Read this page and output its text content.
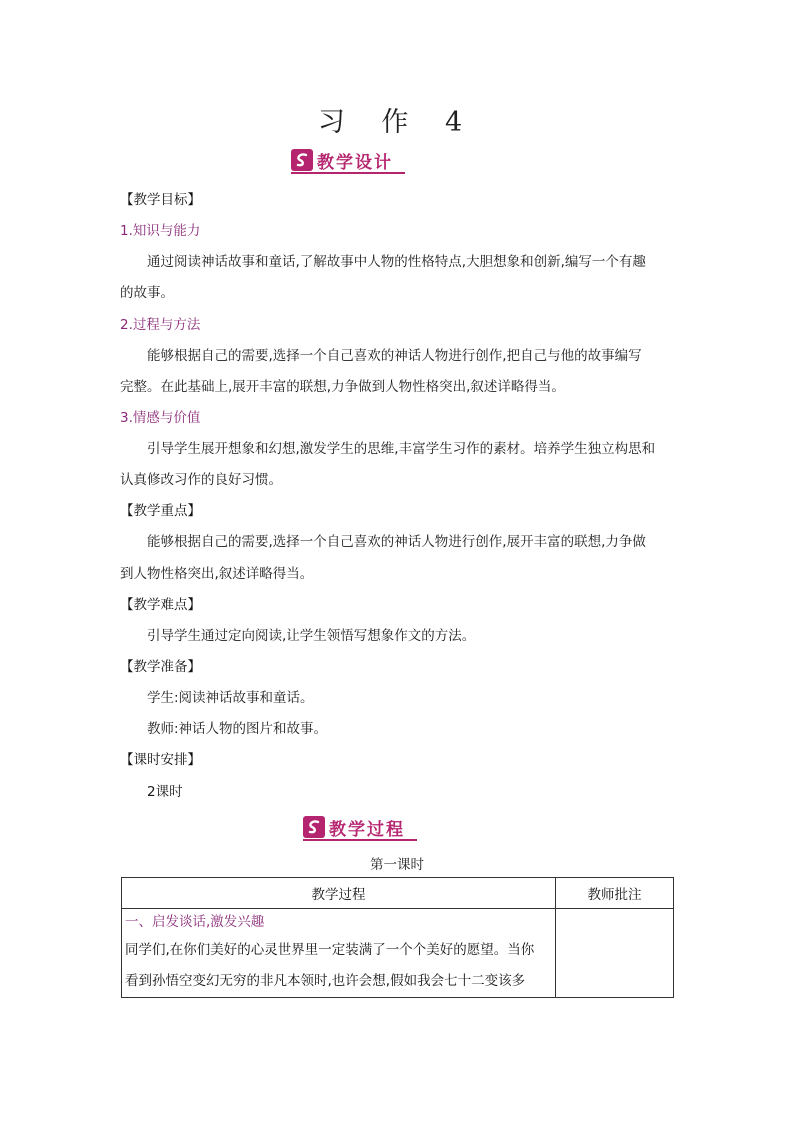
习 作 4
教学设计
【教学目标】
1.知识与能力
通过阅读神话故事和童话,了解故事中人物的性格特点,大胆想象和创新,编写一个有趣
的故事。
2.过程与方法
能够根据自己的需要,选择一个自己喜欢的神话人物进行创作,把自己与他的故事编写
完整。在此基础上,展开丰富的联想,力争做到人物性格突出,叙述详略得当。
3.情感与价值
引导学生展开想象和幻想,激发学生的思维,丰富学生习作的素材。培养学生独立构思和
认真修改习作的良好习惯。
【教学重点】
能够根据自己的需要,选择一个自己喜欢的神话人物进行创作,展开丰富的联想,力争做
到人物性格突出,叙述详略得当。
【教学难点】
引导学生通过定向阅读,让学生领悟写想象作文的方法。
【教学准备】
学生:阅读神话故事和童话。
教师:神话人物的图片和故事。
【课时安排】
2课时
教学过程
第一课时
教学过程	教师批注

一、启发谈话,激发兴趣
同学们,在你们美好的心灵世界里一定装满了一个个美好的愿望。当你
看到孙悟空变幻无穷的非凡本领时,也许会想,假如我会七十二变该多	
